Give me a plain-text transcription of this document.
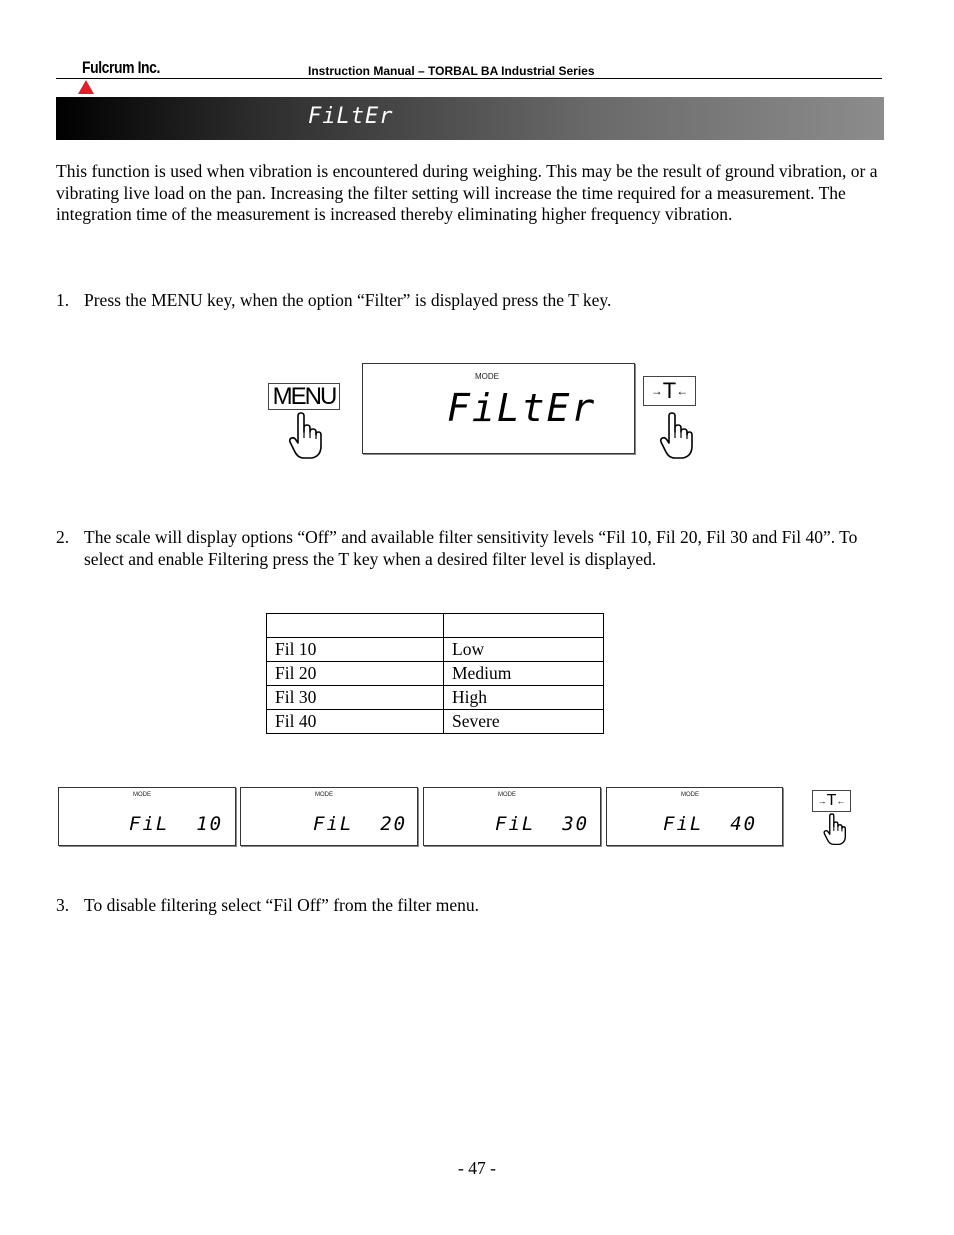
Fulcrum Inc.	Instruction Manual – TORBAL BA Industrial Series
FiLtEr
This function is used when vibration is encountered during weighing. This may be the result of ground vibration, or a vibrating live load on the pan. Increasing the filter setting will increase the time required for a measurement. The integration time of the measurement is increased thereby eliminating higher frequency vibration.
1. Press the MENU key, when the option “Filter” is displayed press the T key.
MENU
MODE
FiLtEr	→ T ←
2. The scale will display options “Off” and available filter sensitivity levels “Fil 10, Fil 20, Fil 30 and Fil 40”. To select and enable Filtering press the T key when a desired filter level is displayed.

Fil 10	Low
Fil 20	Medium
Fil 30	High
Fil 40	Severe
MODE
FiL  10
MODE
FiL  20
MODE
FiL  30
MODE
FiL  40
→ T ←
3. To disable filtering select “Fil Off” from the filter menu.
- 47 -
